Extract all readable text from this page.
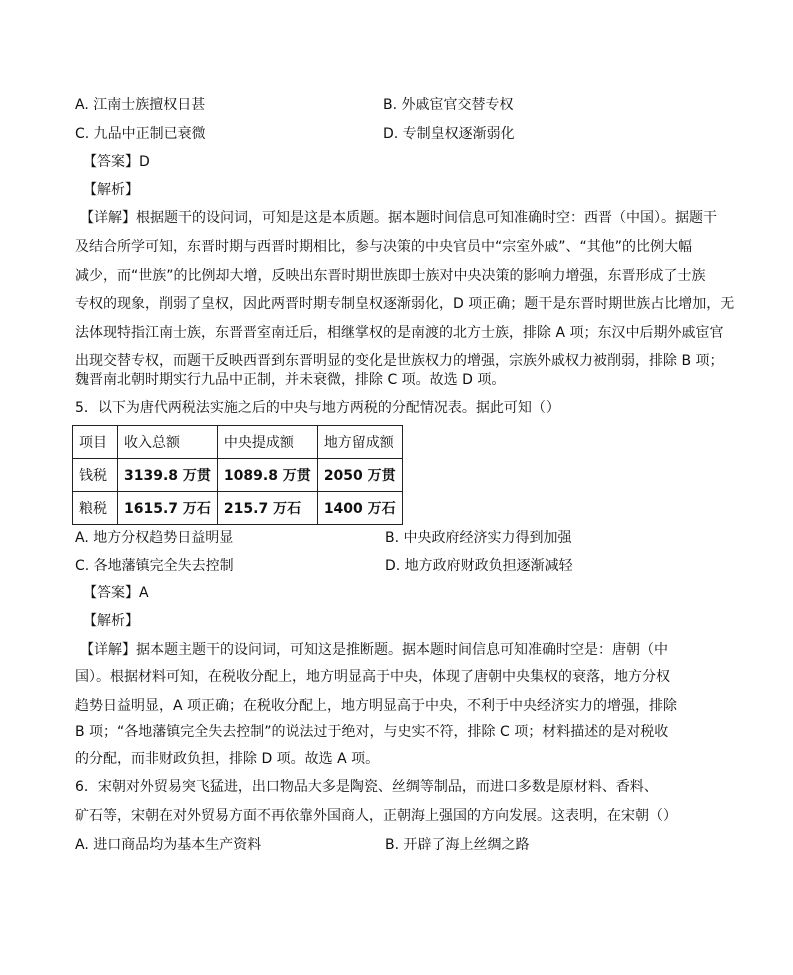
A. 江南士族擅权日甚	B. 外戚宦官交替专权
C. 九品中正制已衰微	D. 专制皇权逐渐弱化
【答案】D
【解析】
【详解】根据题干的设问词，可知是这是本质题。据本题时间信息可知准确时空：西晋（中国）。据题干
及结合所学可知，东晋时期与西晋时期相比，参与决策的中央官员中“宗室外戚”、“其他”的比例大幅
减少，而“世族”的比例却大增，反映出东晋时期世族即士族对中央决策的影响力增强，东晋形成了士族
专权的现象，削弱了皇权，因此两晋时期专制皇权逐渐弱化，D 项正确；题干是东晋时期世族占比增加，无
法体现特指江南士族，东晋晋室南迁后，相继掌权的是南渡的北方士族，排除 A 项；东汉中后期外戚宦官
出现交替专权，而题干反映西晋到东晋明显的变化是世族权力的增强，宗族外戚权力被削弱，排除 B 项；
魏晋南北朝时期实行九品中正制，并未衰微，排除 C 项。故选 D 项。
5．以下为唐代两税法实施之后的中央与地方两税的分配情况表。据此可知（）
项目	收入总额	中央提成额	地方留成额
钱税	3139.8 万贯	1089.8 万贯	2050 万贯
粮税	1615.7 万石	215.7 万石	1400 万石
A. 地方分权趋势日益明显	B. 中央政府经济实力得到加强
C. 各地藩镇完全失去控制	D. 地方政府财政负担逐渐减轻
【答案】A
【解析】
【详解】据本题主题干的设问词，可知这是推断题。据本题时间信息可知准确时空是：唐朝（中
国）。根据材料可知，在税收分配上，地方明显高于中央，体现了唐朝中央集权的衰落，地方分权
趋势日益明显，A 项正确；在税收分配上，地方明显高于中央，不利于中央经济实力的增强，排除
B 项；“各地藩镇完全失去控制”的说法过于绝对，与史实不符，排除 C 项；材料描述的是对税收
的分配，而非财政负担，排除 D 项。故选 A 项。
6．宋朝对外贸易突飞猛进，出口物品大多是陶瓷、丝绸等制品，而进口多数是原材料、香料、
矿石等，宋朝在对外贸易方面不再依靠外国商人，正朝海上强国的方向发展。这表明，在宋朝（）
A. 进口商品均为基本生产资料	B. 开辟了海上丝绸之路
